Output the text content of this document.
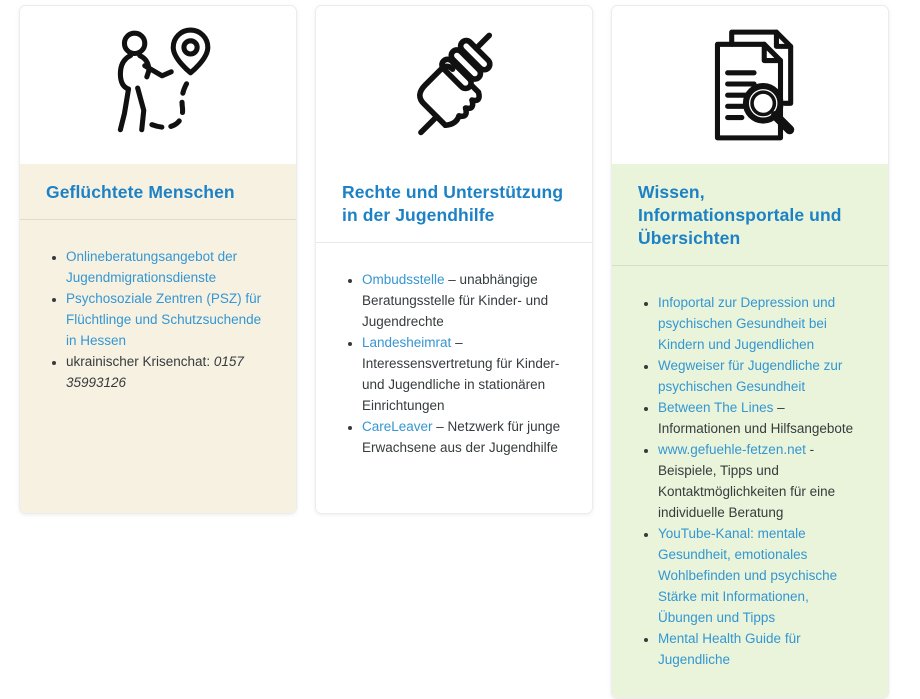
Geflüchtete Menschen
• Onlineberatungsangebot der Jugendmigrationsdienste
• Psychosoziale Zentren (PSZ) für Flüchtlinge und Schutzsuchende in Hessen
• ukrainischer Krisenchat: 0157 35993126
Rechte und Unterstützung in der Jugendhilfe
• Ombudsstelle – unabhängige Beratungsstelle für Kinder- und Jugendrechte
• Landesheimrat – Interessensvertretung für Kinder- und Jugendliche in stationären Einrichtungen
• CareLeaver – Netzwerk für junge Erwachsene aus der Jugendhilfe
Wissen, Informationsportale und Übersichten
• Infoportal zur Depression und psychischen Gesundheit bei Kindern und Jugendlichen
• Wegweiser für Jugendliche zur psychischen Gesundheit
• Between The Lines – Informationen und Hilfsangebote
• www.gefuehle-fetzen.net - Beispiele, Tipps und Kontaktmöglichkeiten für eine individuelle Beratung
• YouTube-Kanal: mentale Gesundheit, emotionales Wohlbefinden und psychische Stärke mit Informationen, Übungen und Tipps
• Mental Health Guide für Jugendliche
